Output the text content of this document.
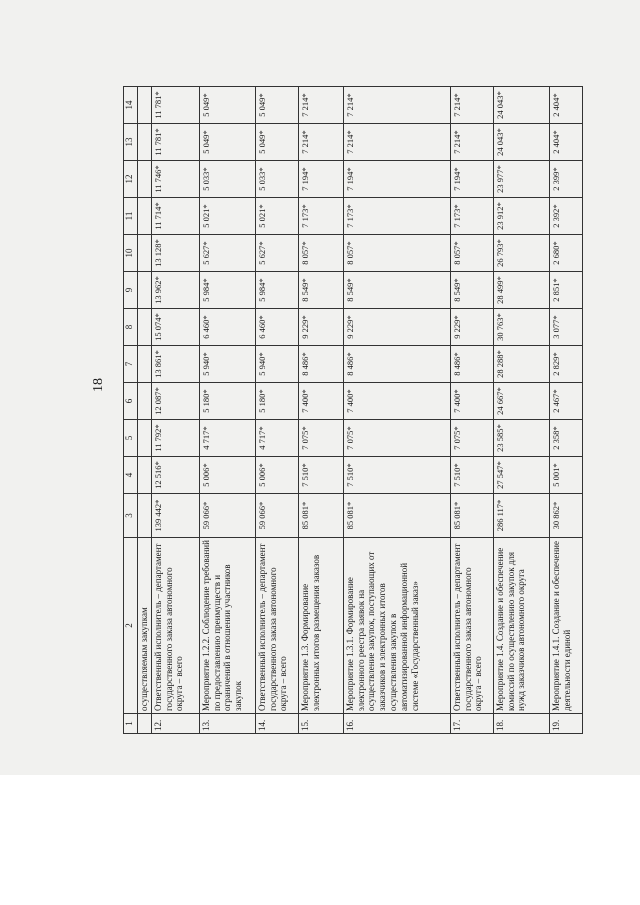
18
1	2	3	4	5	6	7	8	9	10	11	12	13	14
	осуществляемым закупкам												
12.	Ответственный исполнитель – департамент государственного заказа автономного округа – всего	139 442*	12 516*	11 792*	12 087*	13 861*	15 074*	13 962*	13 128*	11 714*	11 746*	11 781*	11 781*
13.	Мероприятие 1.2.2. Соблюдение требований по предоставлению преимуществ и ограничений в отношении участников закупок	59 066*	5 006*	4 717*	5 180*	5 940*	6 460*	5 984*	5 627*	5 021*	5 033*	5 049*	5 049*
14.	Ответственный исполнитель – департамент государственного заказа автономного округа – всего	59 066*	5 006*	4 717*	5 180*	5 940*	6 460*	5 984*	5 627*	5 021*	5 033*	5 049*	5 049*
15.	Мероприятие 1.3. Формирование электронных итогов размещения заказов	85 081*	7 510*	7 075*	7 400*	8 486*	9 229*	8 549*	8 057*	7 173*	7 194*	7 214*	7 214*
16.	Мероприятие 1.3.1. Формирование электронного реестра заявок на осуществление закупок, поступающих от заказчиков и электронных итогов осуществления закупок в автоматизированной информационной системе «Государственный заказ»	85 081*	7 510*	7 075*	7 400*	8 486*	9 229*	8 549*	8 057*	7 173*	7 194*	7 214*	7 214*
17.	Ответственный исполнитель – департамент государственного заказа автономного округа – всего	85 081*	7 510*	7 075*	7 400*	8 486*	9 229*	8 549*	8 057*	7 173*	7 194*	7 214*	7 214*
18.	Мероприятие 1.4. Создание и обеспечение комиссий по осуществлению закупок для нужд заказчиков автономного округа	286 117*	27 547*	23 585*	24 667*	28 288*	30 763*	28 499*	26 793*	23 912*	23 977*	24 043*	24 043*
19.	Мероприятие 1.4.1. Создание и обеспечение деятельности единой	30 862*	5 001*	2 358*	2 467*	2 829*	3 077*	2 851*	2 680*	2 392*	2 399*	2 404*	2 404*
